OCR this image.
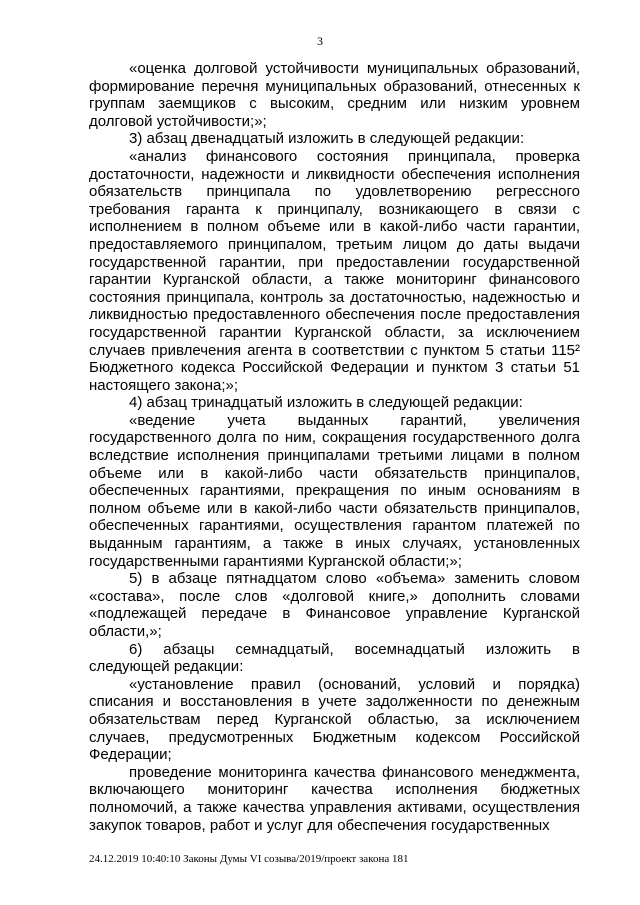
3

«оценка долговой устойчивости муниципальных образований, формирование перечня муниципальных образований, отнесенных к группам заемщиков с высоким, средним или низким уровнем долговой устойчивости;»;

3) абзац двенадцатый изложить в следующей редакции:

«анализ финансового состояния принципала, проверка достаточности, надежности и ликвидности обеспечения исполнения обязательств принципала по удовлетворению регрессного требования гаранта к принципалу, возникающего в связи с исполнением в полном объеме или в какой-либо части гарантии, предоставляемого принципалом, третьим лицом до даты выдачи государственной гарантии, при предоставлении государственной гарантии Курганской области, а также мониторинг финансового состояния принципала, контроль за достаточностью, надежностью и ликвидностью предоставленного обеспечения после предоставления государственной гарантии Курганской области, за исключением случаев привлечения агента в соответствии с пунктом 5 статьи 115² Бюджетного кодекса Российской Федерации и пунктом 3 статьи 51 настоящего закона;»;

4) абзац тринадцатый изложить в следующей редакции:

«ведение учета выданных гарантий, увеличения государственного долга по ним, сокращения государственного долга вследствие исполнения принципалами третьими лицами в полном объеме или в какой-либо части обязательств принципалов, обеспеченных гарантиями, прекращения по иным основаниям в полном объеме или в какой-либо части обязательств принципалов, обеспеченных гарантиями, осуществления гарантом платежей по выданным гарантиям, а также в иных случаях, установленных государственными гарантиями Курганской области;»;

5) в абзаце пятнадцатом слово «объема» заменить словом «состава», после слов «долговой книге,» дополнить словами «подлежащей передаче в Финансовое управление Курганской области,»;

6) абзацы семнадцатый, восемнадцатый изложить в следующей редакции:

«установление правил (оснований, условий и порядка) списания и восстановления в учете задолженности по денежным обязательствам перед Курганской областью, за исключением случаев, предусмотренных Бюджетным кодексом Российской Федерации;

проведение мониторинга качества финансового менеджмента, включающего мониторинг качества исполнения бюджетных полномочий, а также качества управления активами, осуществления закупок товаров, работ и услуг для обеспечения государственных

24.12.2019 10:40:10 Законы Думы VI созыва/2019/проект закона 181
